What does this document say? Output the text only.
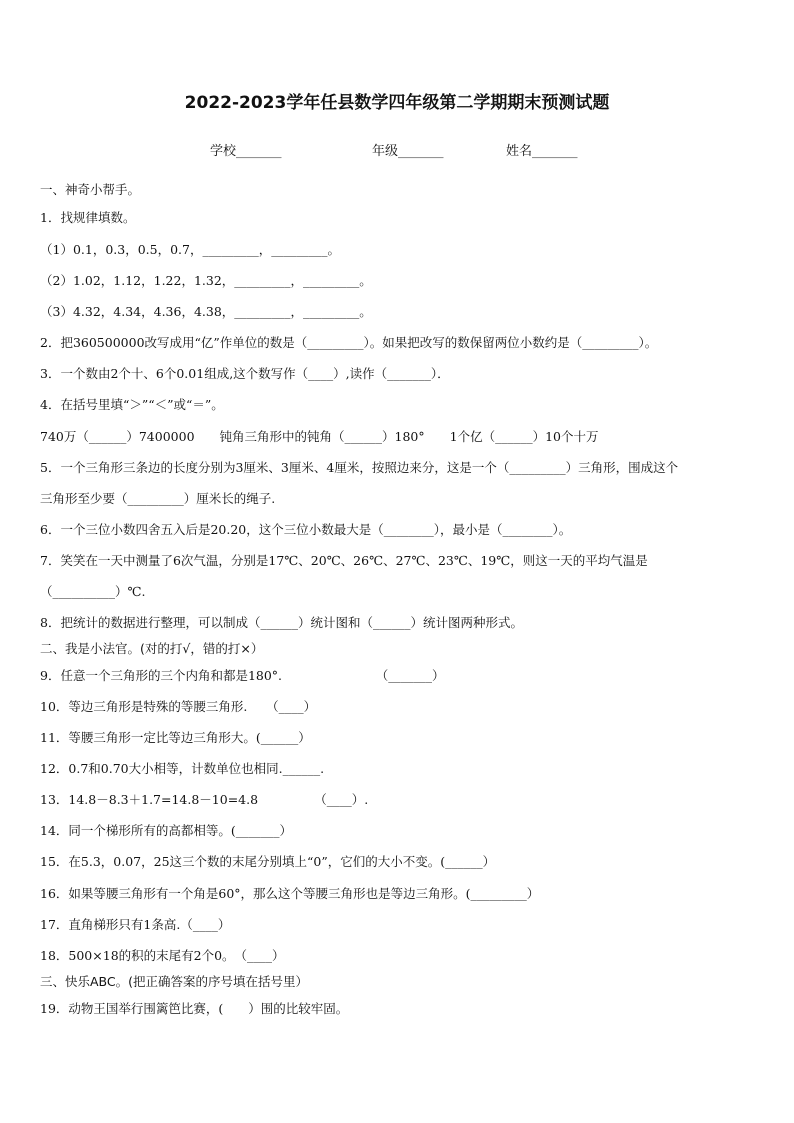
2022-2023学年任县数学四年级第二学期期末预测试题
学校_______	年级_______	姓名_______
一、神奇小帮手。
1．找规律填数。
（1）0.1，0.3，0.5，0.7，_________，_________。
（2）1.02，1.12，1.22，1.32，_________，_________。
（3）4.32，4.34，4.36，4.38，_________，_________。
2．把360500000改写成用“亿”作单位的数是（_________）。如果把改写的数保留两位小数约是（_________）。
3．一个数由2个十、6个0.01组成,这个数写作（____）,读作（_______）．
4．在括号里填“＞”“＜”或“＝”。
740万（______）7400000　　钝角三角形中的钝角（______）180°　　1个亿（______）10个十万
5．一个三角形三条边的长度分别为3厘米、3厘米、4厘米，按照边来分，这是一个（_________）三角形，围成这个
三角形至少要（_________）厘米长的绳子.
6．一个三位小数四舍五入后是20.20，这个三位小数最大是（________），最小是（________）。
7．笑笑在一天中测量了6次气温，分别是17℃、20℃、26℃、27℃、23℃、19℃，则这一天的平均气温是
（__________）℃.
8．把统计的数据进行整理，可以制成（______）统计图和（______）统计图两种形式。
二、我是小法官。(对的打√，错的打×）
9．任意一个三角形的三个内角和都是180°.　　　　　　　　（_______）
10．等边三角形是特殊的等腰三角形.　　（____）
11．等腰三角形一定比等边三角形大。(______）
12．0.7和0.70大小相等，计数单位也相同.______.
13．14.8－8.3＋1.7=14.8－10=4.8　　　　　（____）.
14．同一个梯形所有的高都相等。(_______）
15．在5.3，0.07，25这三个数的末尾分别填上“0”，它们的大小不变。(______）
16．如果等腰三角形有一个角是60°，那么这个等腰三角形也是等边三角形。(_________）
17．直角梯形只有1条高.（____）
18．500×18的积的末尾有2个0。　（____）
三、快乐ABC。(把正确答案的序号填在括号里）
19．动物王国举行围篱笆比赛，(　　）围的比较牢固。
